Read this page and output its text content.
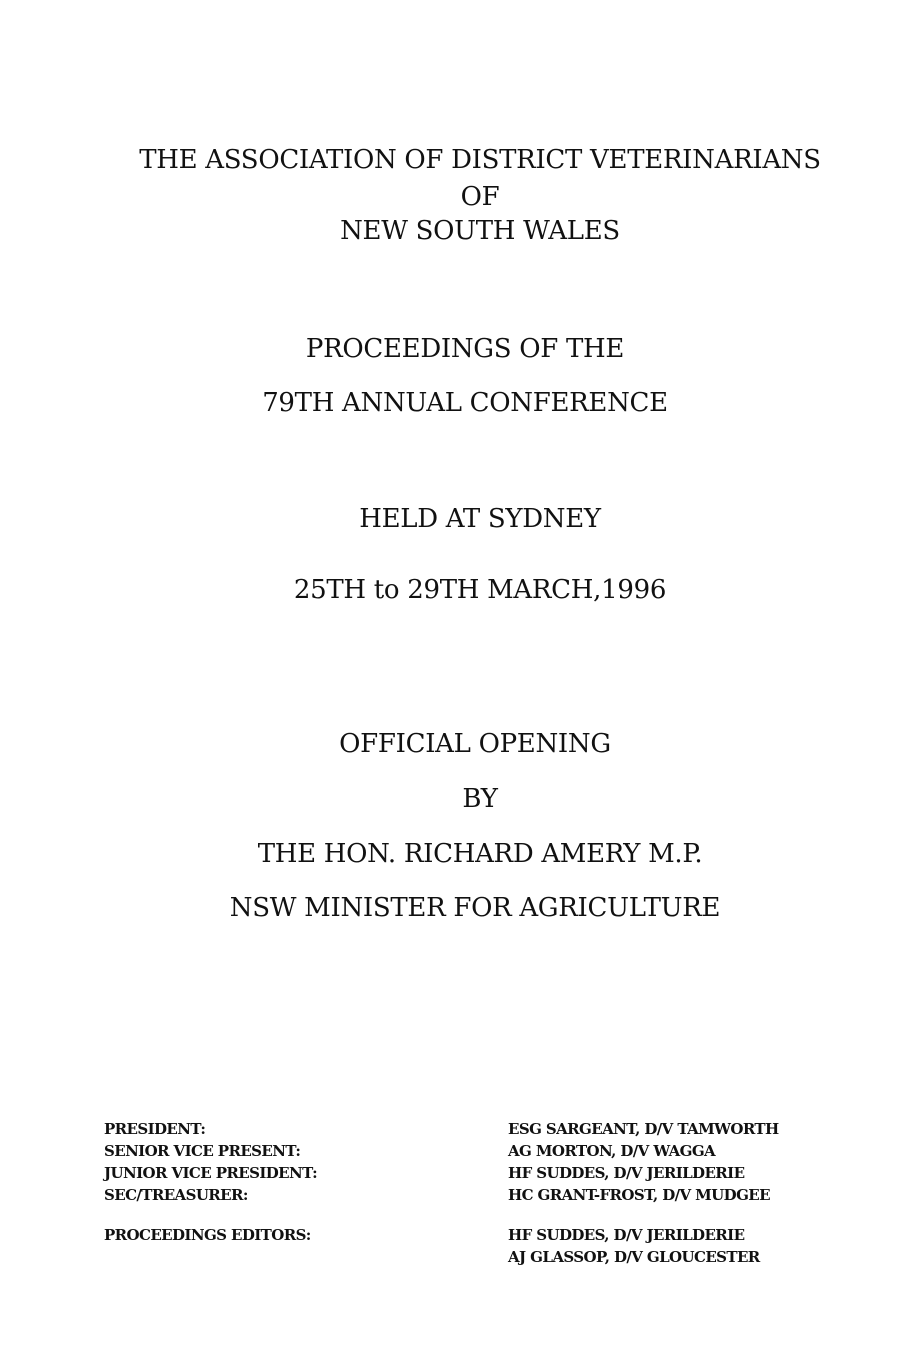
THE ASSOCIATION OF DISTRICT VETERINARIANS
OF
NEW SOUTH WALES
PROCEEDINGS OF THE
79TH ANNUAL CONFERENCE
HELD AT SYDNEY
25TH to 29TH MARCH,1996
OFFICIAL OPENING
BY
THE HON. RICHARD AMERY M.P.
NSW MINISTER FOR AGRICULTURE
PRESIDENT:	ESG SARGEANT, D/V TAMWORTH
SENIOR VICE PRESENT:	AG MORTON, D/V WAGGA
JUNIOR VICE PRESIDENT:	HF SUDDES, D/V JERILDERIE
SEC/TREASURER:	HC GRANT-FROST, D/V MUDGEE
PROCEEDINGS EDITORS:	HF SUDDES, D/V JERILDERIE
AJ GLASSOP, D/V GLOUCESTER
